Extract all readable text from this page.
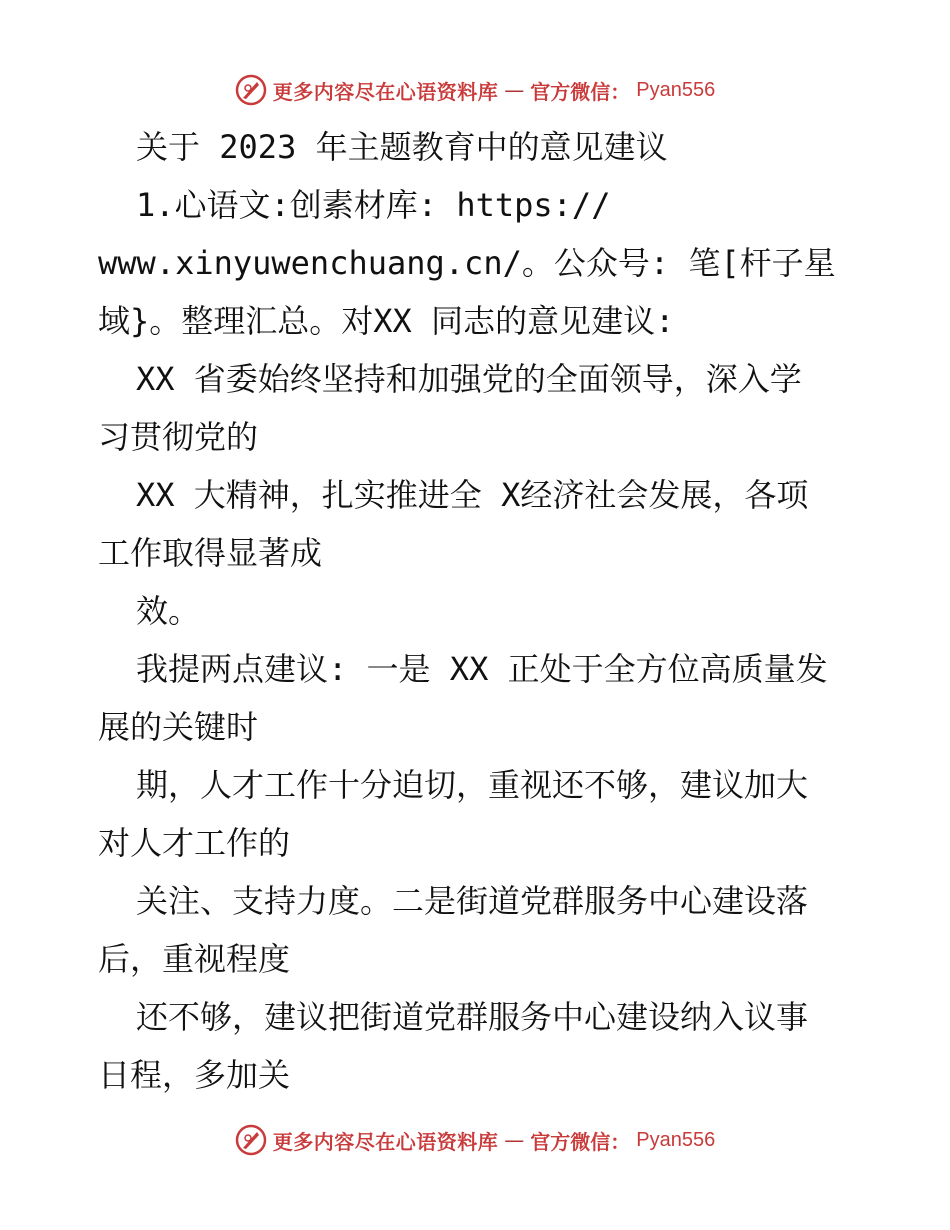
更多内容尽在心语资料库 — 官方微信： Pyan556
关于 2023 年主题教育中的意见建议
1.心语文:创素材库: https://
www.xinyuwenchuang.cn/。公众号: 笔[杆子星
域}。整理汇总。对XX 同志的意见建议:
XX 省委始终坚持和加强党的全面领导，深入学
习贯彻党的
XX 大精神，扎实推进全 X经济社会发展，各项
工作取得显著成
效。
我提两点建议: 一是 XX 正处于全方位高质量发
展的关键时
期，人才工作十分迫切，重视还不够，建议加大
对人才工作的
关注、支持力度。二是街道党群服务中心建设落
后，重视程度
还不够，建议把街道党群服务中心建设纳入议事
日程，多加关
更多内容尽在心语资料库 — 官方微信： Pyan556
